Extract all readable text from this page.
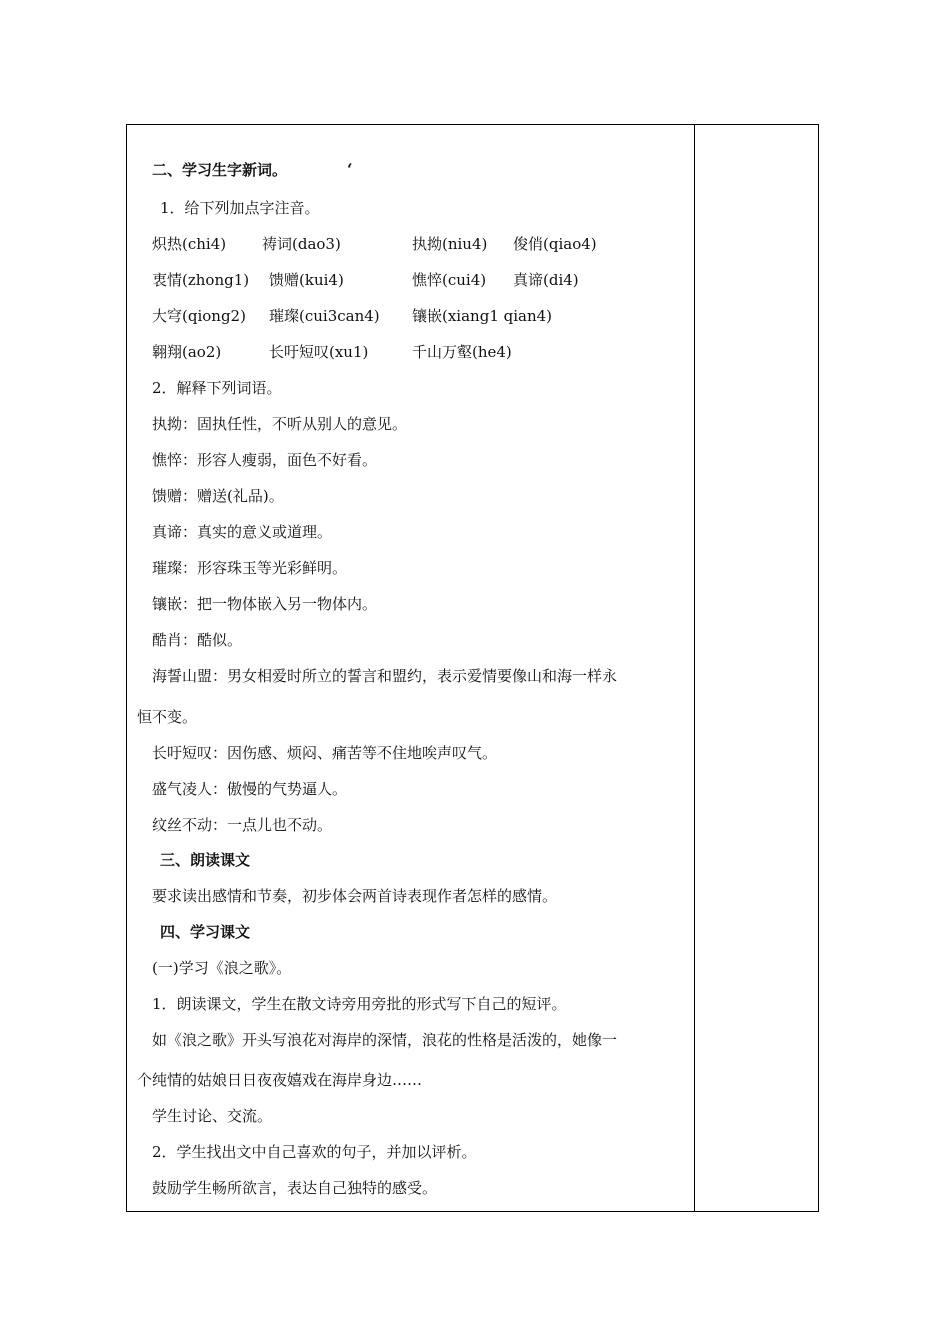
二、学习生字新词。	‘
1．给下列加点字注音。
炽热(chi4) 祷词(dao3)	执拗(niu4) 俊俏(qiao4)
衷情(zhong1) 馈赠(kui4)	憔悴(cui4) 真谛(di4)
大穹(qiong2) 璀璨(cui3can4) 镶嵌(xiang1 qian4)
翱翔(ao2)	长吁短叹(xu1)	千山万壑(he4)
2．解释下列词语。
执拗：固执任性，不听从别人的意见。
憔悴：形容人瘦弱，面色不好看。
馈赠：赠送(礼品)。
真谛：真实的意义或道理。
璀璨：形容珠玉等光彩鲜明。
镶嵌：把一物体嵌入另一物体内。
酷肖：酷似。
海誓山盟：男女相爱时所立的誓言和盟约，表示爱情要像山和海一样永
恒不变。
长吁短叹：因伤感、烦闷、痛苦等不住地唉声叹气。
盛气凌人：傲慢的气势逼人。
纹丝不动：一点儿也不动。
三、朗读课文
要求读出感情和节奏，初步体会两首诗表现作者怎样的感情。
四、学习课文
(一)学习《浪之歌》。
1．朗读课文，学生在散文诗旁用旁批的形式写下自己的短评。
如《浪之歌》开头写浪花对海岸的深情，浪花的性格是活泼的，她像一
个纯情的姑娘日日夜夜嬉戏在海岸身边……
学生讨论、交流。
2．学生找出文中自己喜欢的句子，并加以评析。
鼓励学生畅所欲言，表达自己独特的感受。
